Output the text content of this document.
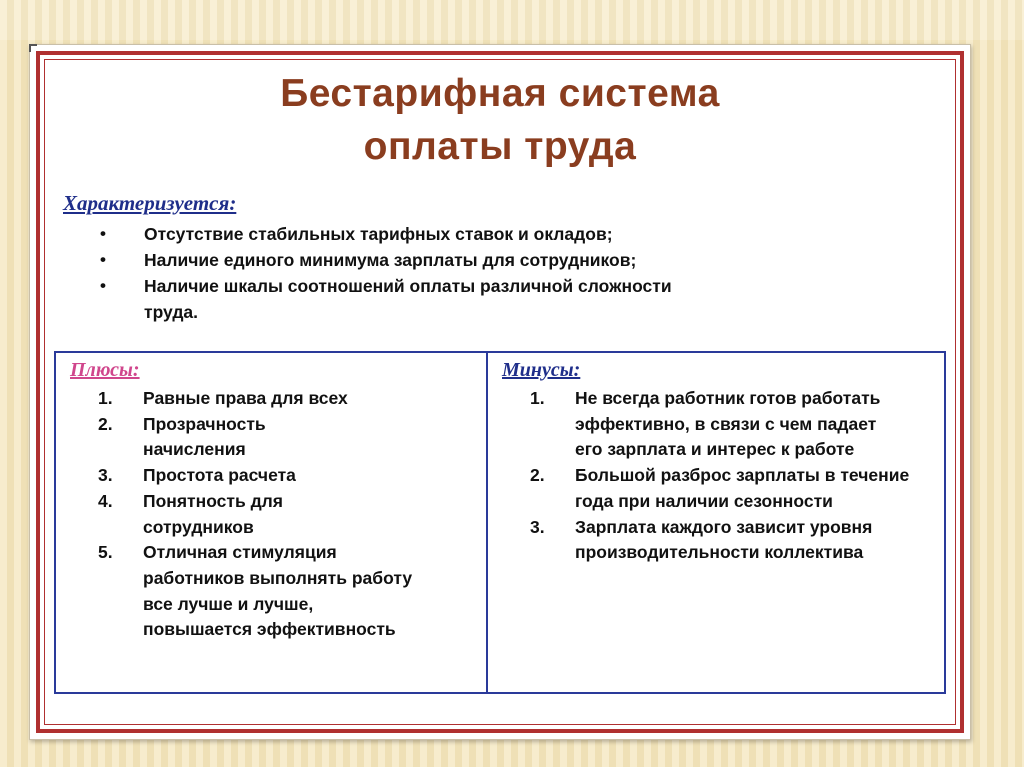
Бестарифная система
оплаты труда
Характеризуется:
• Отсутствие стабильных тарифных ставок и окладов;
• Наличие единого минимума зарплаты для сотрудников;
• Наличие шкалы соотношений оплаты различной сложности труда.
Плюсы:
1. Равные права для всех
2. Прозрачность начисления
3. Простота расчета
4. Понятность для сотрудников
5. Отличная стимуляция работников выполнять работу все лучше и лучше, повышается эффективность
Минусы:
1. Не всегда работник готов работать эффективно, в связи с чем падает его зарплата и интерес к работе
2. Большой разброс зарплаты в течение года при наличии сезонности
3. Зарплата каждого зависит уровня производительности коллектива
